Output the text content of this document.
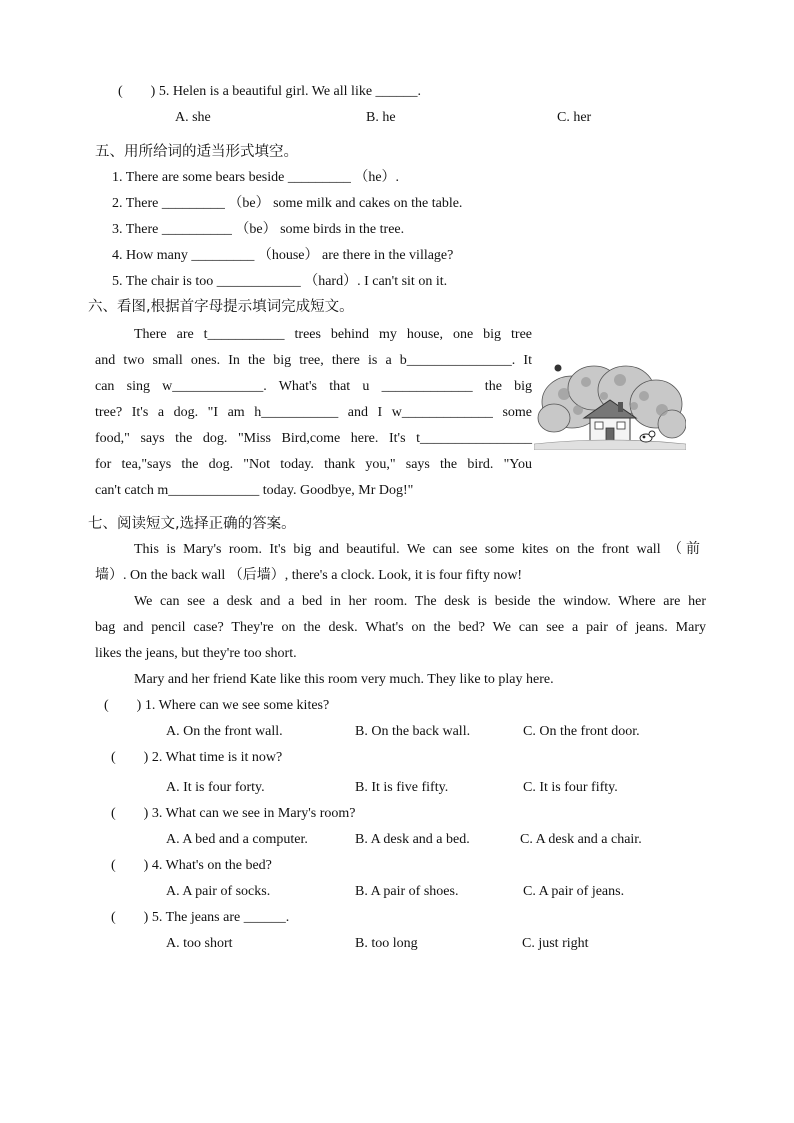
(　　) 5. Helen is a beautiful girl. We all like ______.
A. she	B. he	C. her
五、用所给词的适当形式填空。
1. There are some bears beside _________ （he）.
2. There _________ （be） some milk and cakes on the table.
3. There __________ （be） some birds in the tree.
4. How many _________ （house） are there in the village?
5. The chair is too ____________ （hard）. I can't sit on it.
六、看图,根据首字母提示填词完成短文。
There are t___________ trees behind my house, one big tree
and two small ones. In the big tree, there is a b_______________. It
can sing w_____________. What's that u _____________ the big
tree? It's a dog. "I am h___________ and I w_____________ some
food," says the dog. "Miss Bird,come here. It's t________________
for tea,"says the dog. "Not today. thank you," says the bird. "You
can't catch m_____________ today. Goodbye, Mr Dog!"
七、阅读短文,选择正确的答案。
This is Mary's room. It's big and beautiful. We can see some kites on the front wall （前
墙）. On the back wall （后墙）, there's a clock. Look, it is four fifty now!
We can see a desk and a bed in her room. The desk is beside the window. Where are her
bag and pencil case? They're on the desk. What's on the bed? We can see a pair of jeans. Mary
likes the jeans, but they're too short.
Mary and her friend Kate like this room very much. They like to play here.
(　　) 1. Where can we see some kites?
A. On the front wall.	B. On the back wall.	C. On the front door.
(　　) 2. What time is it now?
A. It is four forty.	B. It is five fifty.	C. It is four fifty.
(　　) 3. What can we see in Mary's room?
A. A bed and a computer.	B. A desk and a bed.	C. A desk and a chair.
(　　) 4. What's on the bed?
A. A pair of socks.	B. A pair of shoes.	C. A pair of jeans.
(　　) 5. The jeans are ______.
A. too short	B. too long	C. just right
